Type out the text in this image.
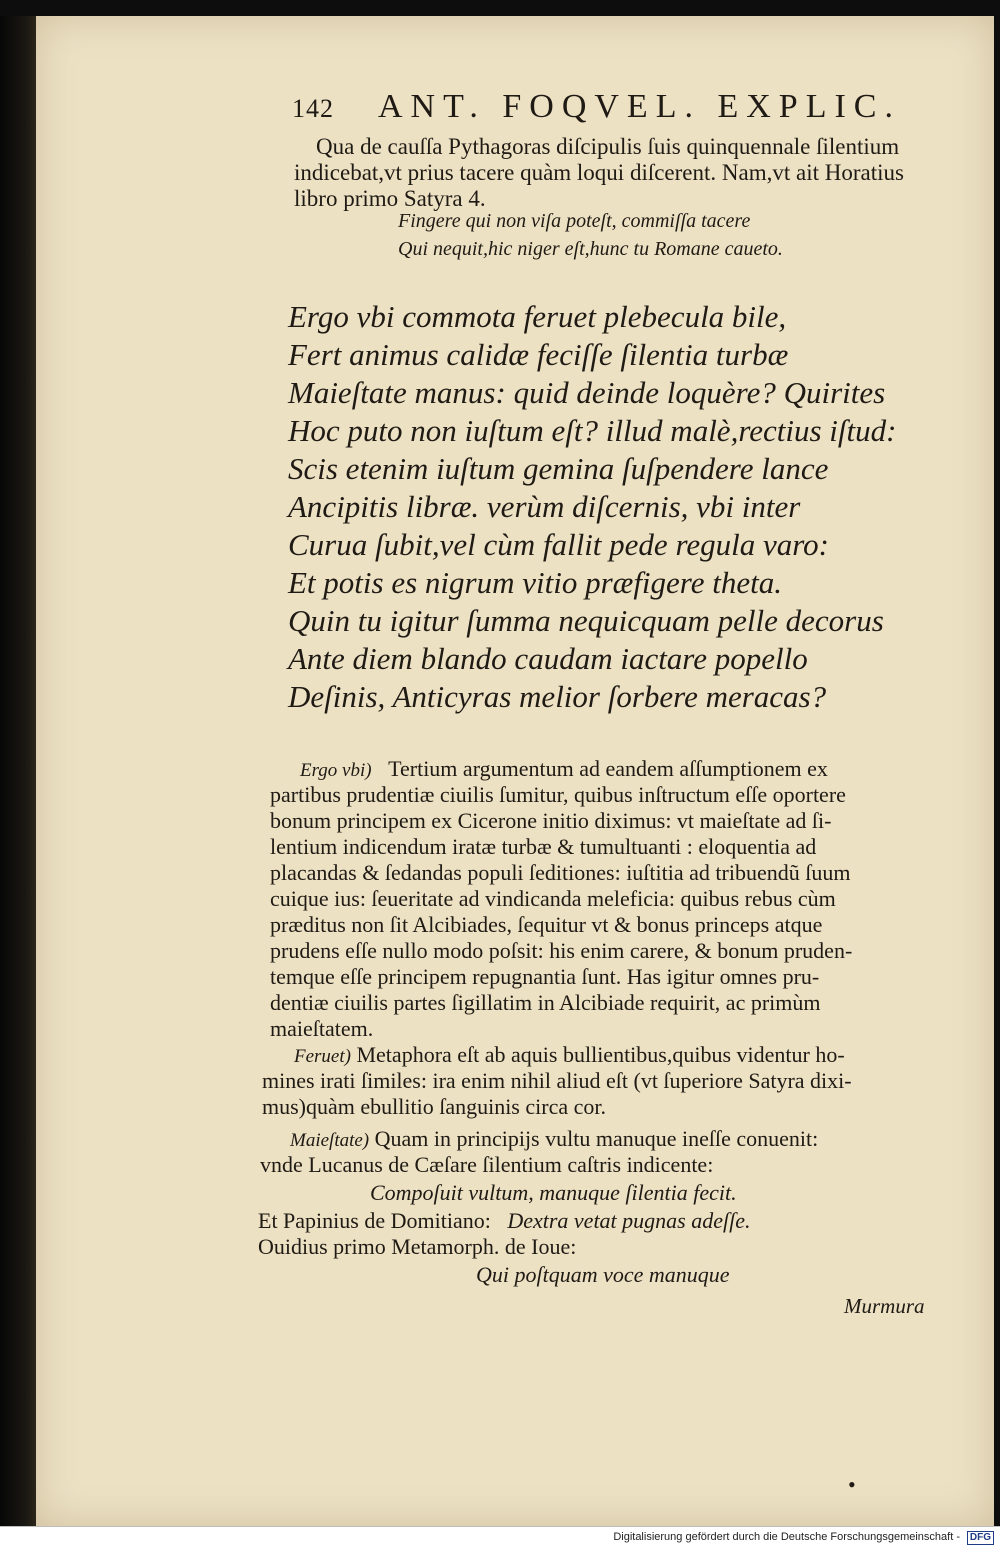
142 ANT. FOQVEL. EXPLIC.
Qua de cauſſa Pythagoras diſcipulis ſuis quinquennale ſilentium
indicebat,vt prius tacere quàm loqui diſcerent. Nam,vt ait Horatius
libro primo Satyra 4.
Fingere qui non viſa poteſt, commiſſa tacere
Qui nequit,hic niger eſt,hunc tu Romane caueto.
Ergo vbi commota feruet plebecula bile,
Fert animus calidæ feciſſe ſilentia turbæ
Maieſtate manus: quid deinde loquère? Quirites
Hoc puto non iuſtum eſt? illud malè,rectius iſtud:
Scis etenim iuſtum gemina ſuſpendere lance
Ancipitis libræ. verùm diſcernis, vbi inter
Curua ſubit,vel cùm fallit pede regula varo:
Et potis es nigrum vitio præfigere theta.
Quin tu igitur ſumma nequicquam pelle decorus
Ante diem blando caudam iactare popello
Deſinis, Anticyras melior ſorbere meracas?
Ergo vbi) Tertium argumentum ad eandem aſſumptionem ex
partibus prudentiæ ciuilis ſumitur, quibus inſtructum eſſe oportere
bonum principem ex Cicerone initio diximus: vt maieſtate ad ſi-
lentium indicendum iratæ turbæ & tumultuanti : eloquentia ad
placandas & ſedandas populi ſeditiones: iuſtitia ad tribuendũ ſuum
cuique ius: ſeueritate ad vindicanda meleficia: quibus rebus cùm
præditus non ſit Alcibiades, ſequitur vt & bonus princeps atque
prudens eſſe nullo modo poſsit: his enim carere, & bonum pruden-
temque eſſe principem repugnantia ſunt. Has igitur omnes pru-
dentiæ ciuilis partes ſigillatim in Alcibiade requirit, ac primùm
maieſtatem.
Feruet) Metaphora eſt ab aquis bullientibus,quibus videntur ho-
mines irati ſimiles: ira enim nihil aliud eſt (vt ſuperiore Satyra dixi-
mus)quàm ebullitio ſanguinis circa cor.
Maieſtate) Quam in principijs vultu manuque ineſſe conuenit:
vnde Lucanus de Cæſare ſilentium caſtris indicente:
Compoſuit vultum, manuque ſilentia fecit.
Et Papinius de Domitiano: Dextra vetat pugnas adeſſe.
Ouidius primo Metamorph. de Ioue:
Qui poſtquam voce manuque
Murmura
•
Digitalisierung gefördert durch die Deutsche Forschungsgemeinschaft - DFG
